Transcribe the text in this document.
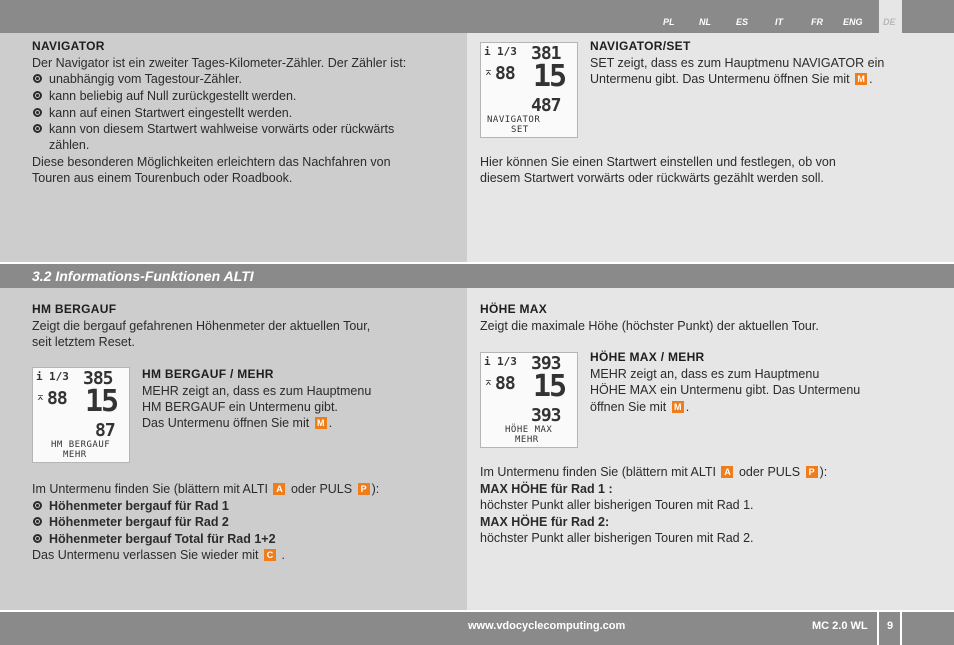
PL	NL	ES	IT	FR ENG DE
3.2 Informations-Funktionen ALTI
NAVIGATOR
Der Navigator ist ein zweiter Tages-Kilometer-Zähler. Der Zähler ist:
unabhängig vom Tagestour-Zähler.
kann beliebig auf Null zurückgestellt werden.
kann auf einen Startwert eingestellt werden.
kann von diesem Startwert wahlweise vorwärts oder rückwärts
zählen.
Diese besonderen Möglichkeiten erleichtern das Nachfahren von
Touren aus einem Tourenbuch oder Roadbook.
i 1/3 381
⌅ 88 15
487
NAVIGATOR
SET
NAVIGATOR/SET
SET zeigt, dass es zum Hauptmenu NAVIGATOR ein
Untermenu gibt. Das Untermenu öffnen Sie mit M .
Hier können Sie einen Startwert einstellen und festlegen, ob von
diesem Startwert vorwärts oder rückwärts gezählt werden soll.
HM BERGAUF
Zeigt die bergauf gefahrenen Höhenmeter der aktuellen Tour,
seit letztem Reset.
i 1/3 385
⌅ 88 15
87
HM BERGAUF
MEHR
HM BERGAUF / MEHR
MEHR zeigt an, dass es zum Hauptmenu
HM BERGAUF ein Untermenu gibt.
Das Untermenu öffnen Sie mit M .
Im Untermenu finden Sie (blättern mit ALTI A oder PULS P ):
Höhenmeter bergauf für Rad 1
Höhenmeter bergauf für Rad 2
Höhenmeter bergauf Total für Rad 1+2
Das Untermenu verlassen Sie wieder mit C .
HÖHE MAX
Zeigt die maximale Höhe (höchster Punkt) der aktuellen Tour.
i 1/3 393
⌅ 88 15
393
HÖHE MAX
MEHR
HÖHE MAX / MEHR
MEHR zeigt an, dass es zum Hauptmenu
HÖHE MAX ein Untermenu gibt. Das Untermenu
öffnen Sie mit M .
Im Untermenu finden Sie (blättern mit ALTI A oder PULS P ):
MAX HÖHE für Rad 1 :
höchster Punkt aller bisherigen Touren mit Rad 1.
MAX HÖHE für Rad 2:
höchster Punkt aller bisherigen Touren mit Rad 2.
www.vdocyclecomputing.com	MC 2.0 WL 9
